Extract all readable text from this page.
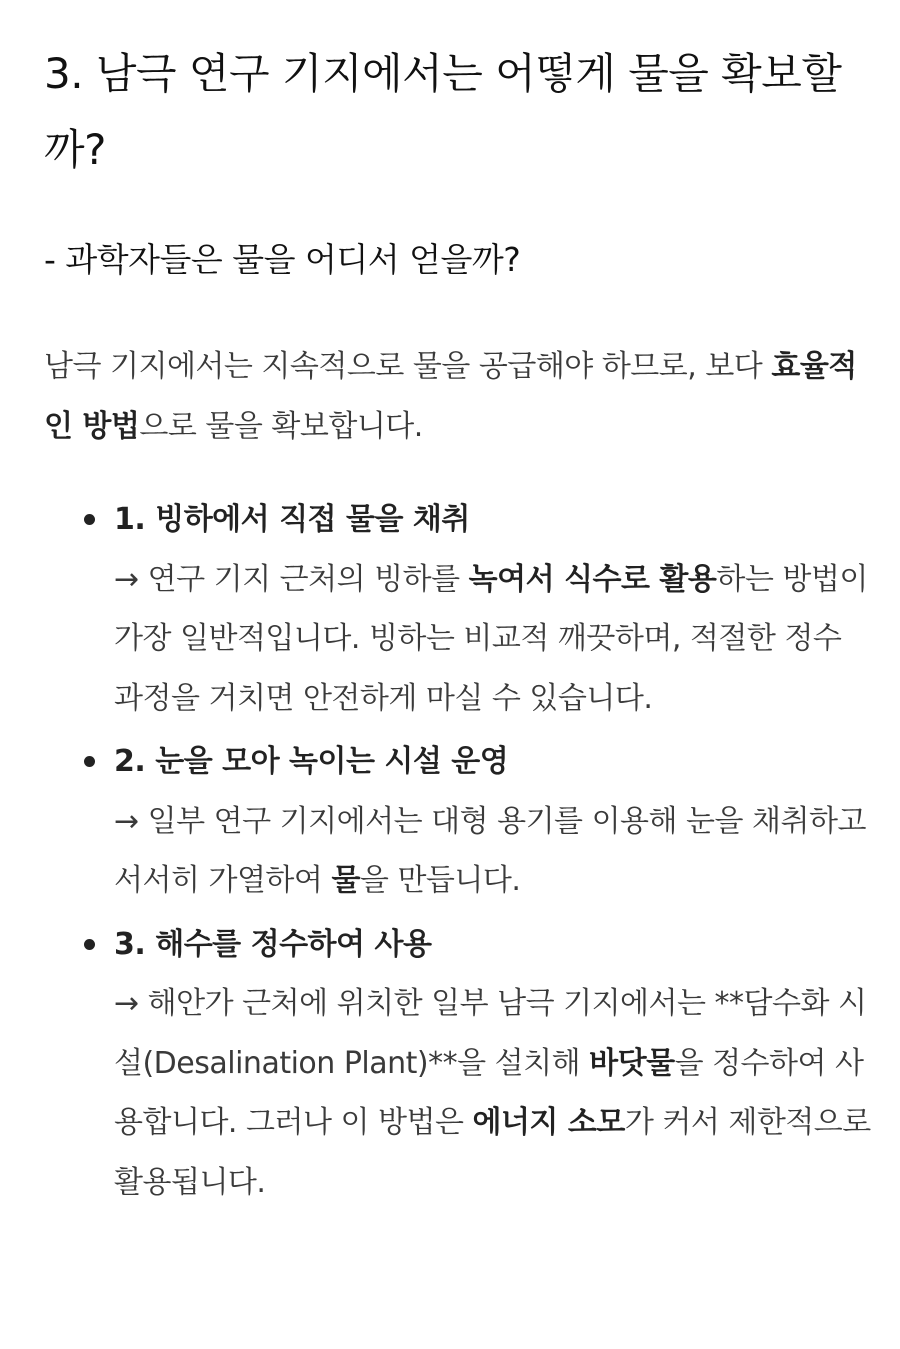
3. 남극 연구 기지에서는 어떻게 물을 확보할까?
- 과학자들은 물을 어디서 얻을까?

남극 기지에서는 지속적으로 물을 공급해야 하므로, 보다 효율적인 방법으로 물을 확보합니다.

1. 빙하에서 직접 물을 채취
→ 연구 기지 근처의 빙하를 녹여서 식수로 활용하는 방법이 가장 일반적입니다. 빙하는 비교적 깨끗하며, 적절한 정수 과정을 거치면 안전하게 마실 수 있습니다.
2. 눈을 모아 녹이는 시설 운영
→ 일부 연구 기지에서는 대형 용기를 이용해 눈을 채취하고 서서히 가열하여 물을 만듭니다.
3. 해수를 정수하여 사용
→ 해안가 근처에 위치한 일부 남극 기지에서는 **담수화 시설(Desalination Plant)**을 설치해 바닷물을 정수하여 사용합니다. 그러나 이 방법은 에너지 소모가 커서 제한적으로 활용됩니다.
